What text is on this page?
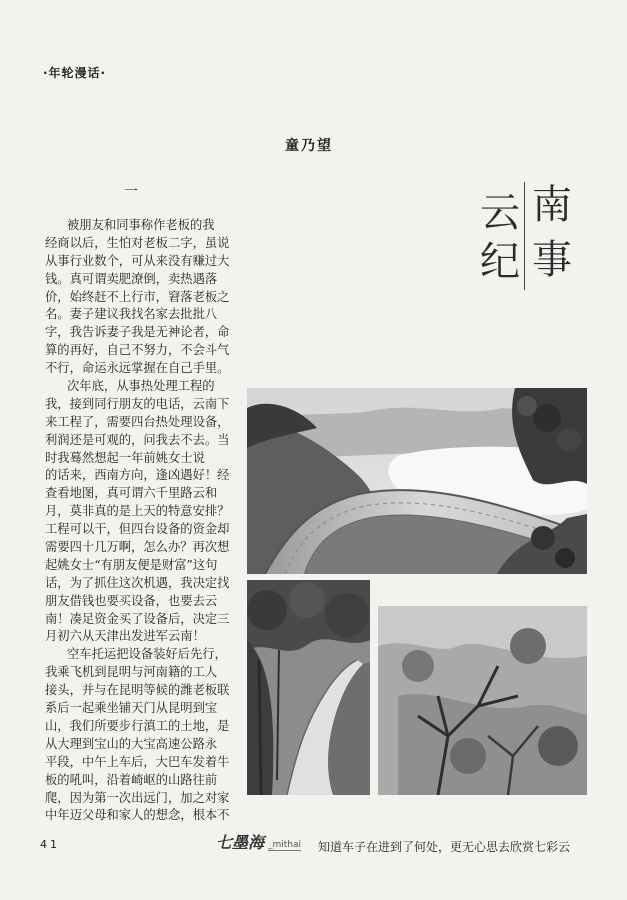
·年轮漫话·
童乃望
一	云 南
纪 事
被朋友和同事称作老板的我
经商以后，生怕对老板二字，虽说
从事行业数个，可从来没有赚过大
钱。真可谓卖肥潦倒，卖热遇落
价，始终赶不上行市，窘落老板之
名。妻子建议我找名家去批批八
字，我告诉妻子我是无神论者，命
算的再好，自己不努力，不会斗气
不行，命运永远掌握在自己手里。
次年底，从事热处理工程的
我，接到同行朋友的电话，云南下
来工程了，需要四台热处理设备，
利润还是可观的，问我去不去。当
时我蓦然想起一年前姚女士说
的话来，西南方向，逢凶遇好！经
查看地图，真可谓六千里路云和
月，莫非真的是上天的特意安排？
工程可以干，但四台设备的资金却
需要四十几万啊，怎么办？再次想
起姚女士“有朋友便是财富”这句
话，为了抓住这次机遇，我决定找
朋友借钱也要买设备，也要去云
南！凑足资金买了设备后，决定三
月初六从天津出发进军云南！
空车托运把设备装好后先行，
我乘飞机到昆明与河南籍的工人
接头，并与在昆明等候的潍老板联
系后一起乘坐铺天门从昆明到宝
山，我们所要步行滇工的土地，是
从大理到宝山的大宝高速公路永
平段，中午上车后，大巴车发着牛
板的吼叫，沿着崎岖的山路往前
爬，因为第一次出远门，加之对家
中年迈父母和家人的想念，根本不
41	七墨海 _mithai 知道车子在进到了何处，更无心思去欣赏七彩云
